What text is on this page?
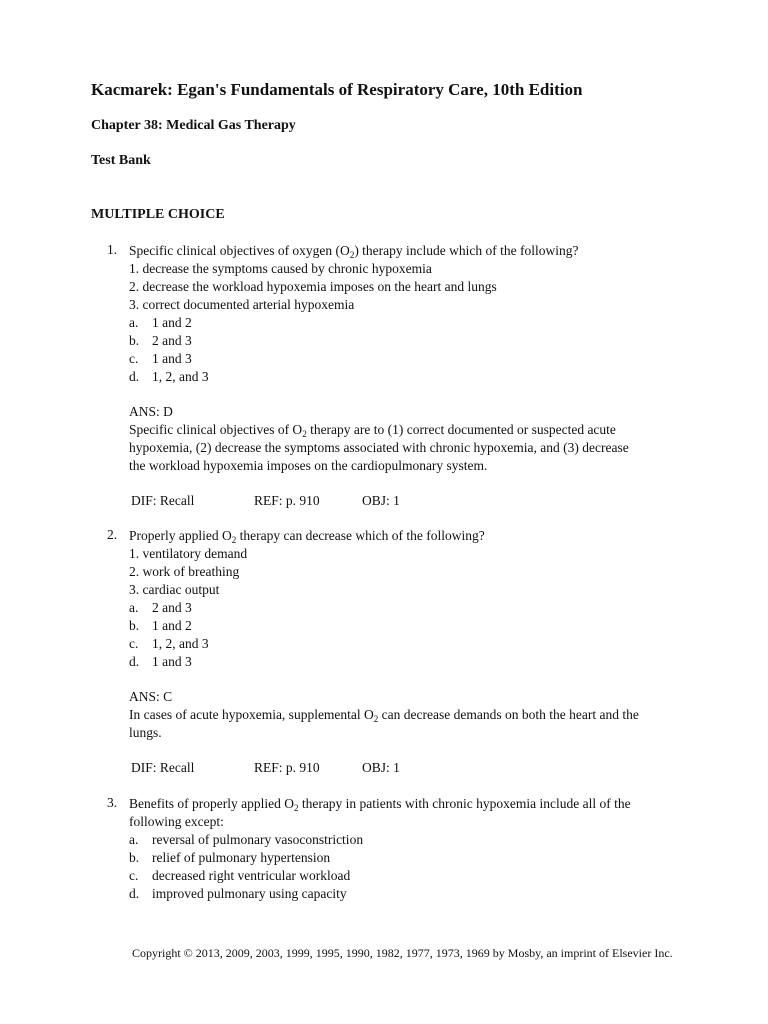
Kacmarek: Egan's Fundamentals of Respiratory Care, 10th Edition
Chapter 38: Medical Gas Therapy
Test Bank
MULTIPLE CHOICE
1. Specific clinical objectives of oxygen $(O_2)$ therapy include which of the following?
1. decrease the symptoms caused by chronic hypoxemia
2. decrease the workload hypoxemia imposes on the heart and lungs
3. correct documented arterial hypoxemia
a. 1 and 2
b. 2 and 3
c. 1 and 3
d. 1, 2, and 3
ANS: D
Specific clinical objectives of $O_2$ therapy are to (1) correct documented or suspected acute
hypoxemia, (2) decrease the symptoms associated with chronic hypoxemia, and (3) decrease
the workload hypoxemia imposes on the cardiopulmonary system.
DIF: Recall	REF: p. 910	OBJ: 1
2. Properly applied $O_2$ therapy can decrease which of the following?
1. ventilatory demand
2. work of breathing
3. cardiac output
a. 2 and 3
b. 1 and 2
c. 1, 2, and 3
d. 1 and 3
ANS: C
In cases of acute hypoxemia, supplemental $O_2$ can decrease demands on both the heart and the
lungs.
DIF: Recall	REF: p. 910	OBJ: 1
3. Benefits of properly applied $O_2$ therapy in patients with chronic hypoxemia include all of the
following except:
a. reversal of pulmonary vasoconstriction
b. relief of pulmonary hypertension
c. decreased right ventricular workload
d. improved pulmonary using capacity
Copyright © 2013, 2009, 2003, 1999, 1995, 1990, 1982, 1977, 1973, 1969 by Mosby, an imprint of Elsevier Inc.
